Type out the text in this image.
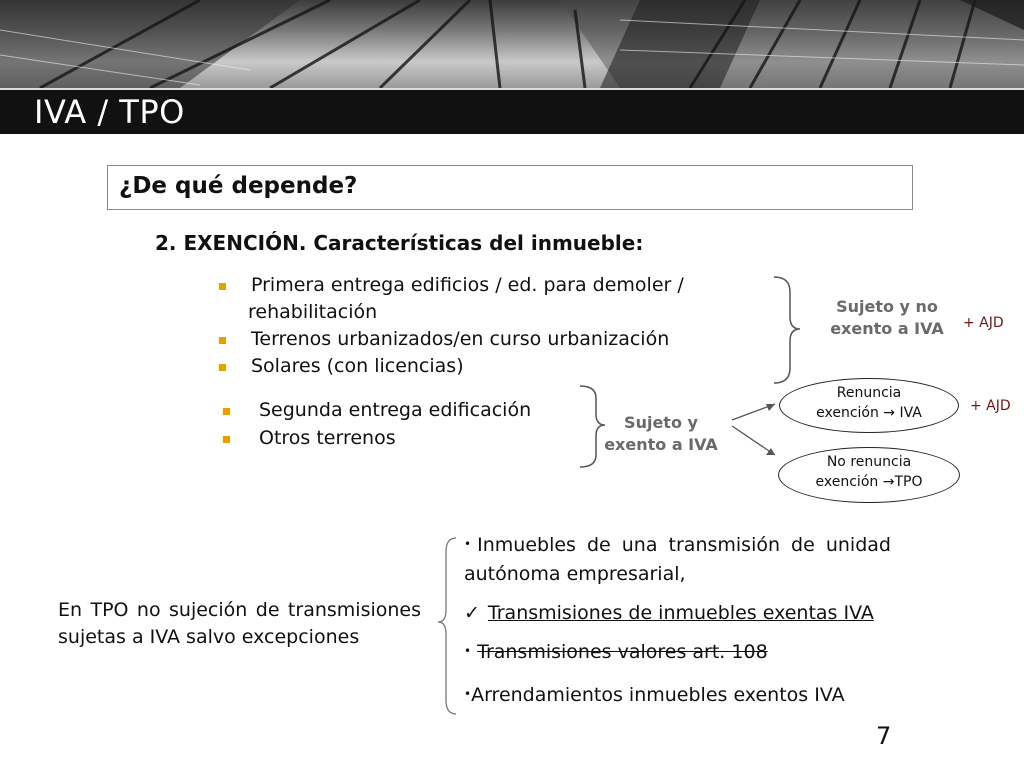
IVA / TPO
¿De qué depende?
2. EXENCIÓN. Características del inmueble:
Primera entrega edificios / ed. para demoler /
rehabilitación
Terrenos urbanizados/en curso urbanización
Solares (con licencias)
Segunda entrega edificación
Otros terrenos
Sujeto y no
exento a IVA	+ AJD
Sujeto y
exento a IVA
Renuncia
exención → IVA	+ AJD
No renuncia
exención →TPO
En TPO no sujeción de transmisiones sujetas a IVA salvo excepciones
• Inmuebles de una transmisión de unidad
autónoma empresarial,
✓ Transmisiones de inmuebles exentas IVA
• Transmisiones valores art. 108
•Arrendamientos inmuebles exentos IVA
7
